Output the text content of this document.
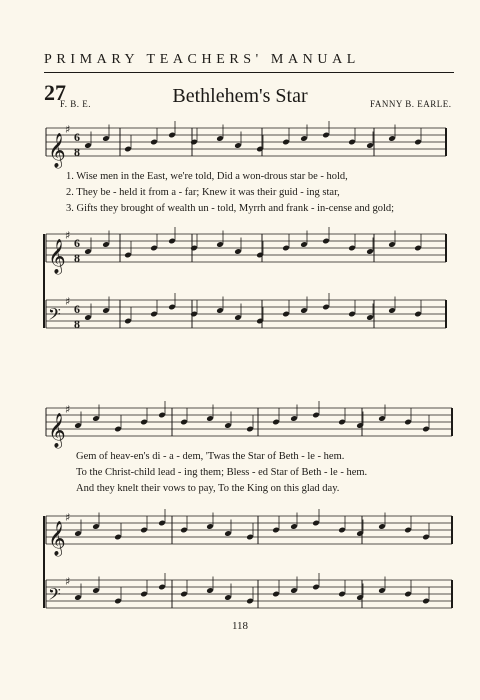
PRIMARY TEACHERS' MANUAL
27	Bethlehem's Star
F. B. E.	FANNY B. EARLE.
𝄞
♯
6
8
𝄞
♯
6
8
𝄢
♯
6
8
𝄞
♯
𝄞
♯
𝄢
♯
1. Wise men in the East, we're told, Did a won-drous star be - hold,
2. They be - held it from a - far; Knew it was their guid - ing star,
3. Gifts they brought of wealth un - told, Myrrh and frank - in-cense and gold;
Gem of heav-en's di - a - dem, 'Twas the Star of Beth - le - hem.
To the Christ-child lead - ing them; Bless - ed Star of Beth - le - hem.
And they knelt their vows to pay, To the King on this glad day.
118
